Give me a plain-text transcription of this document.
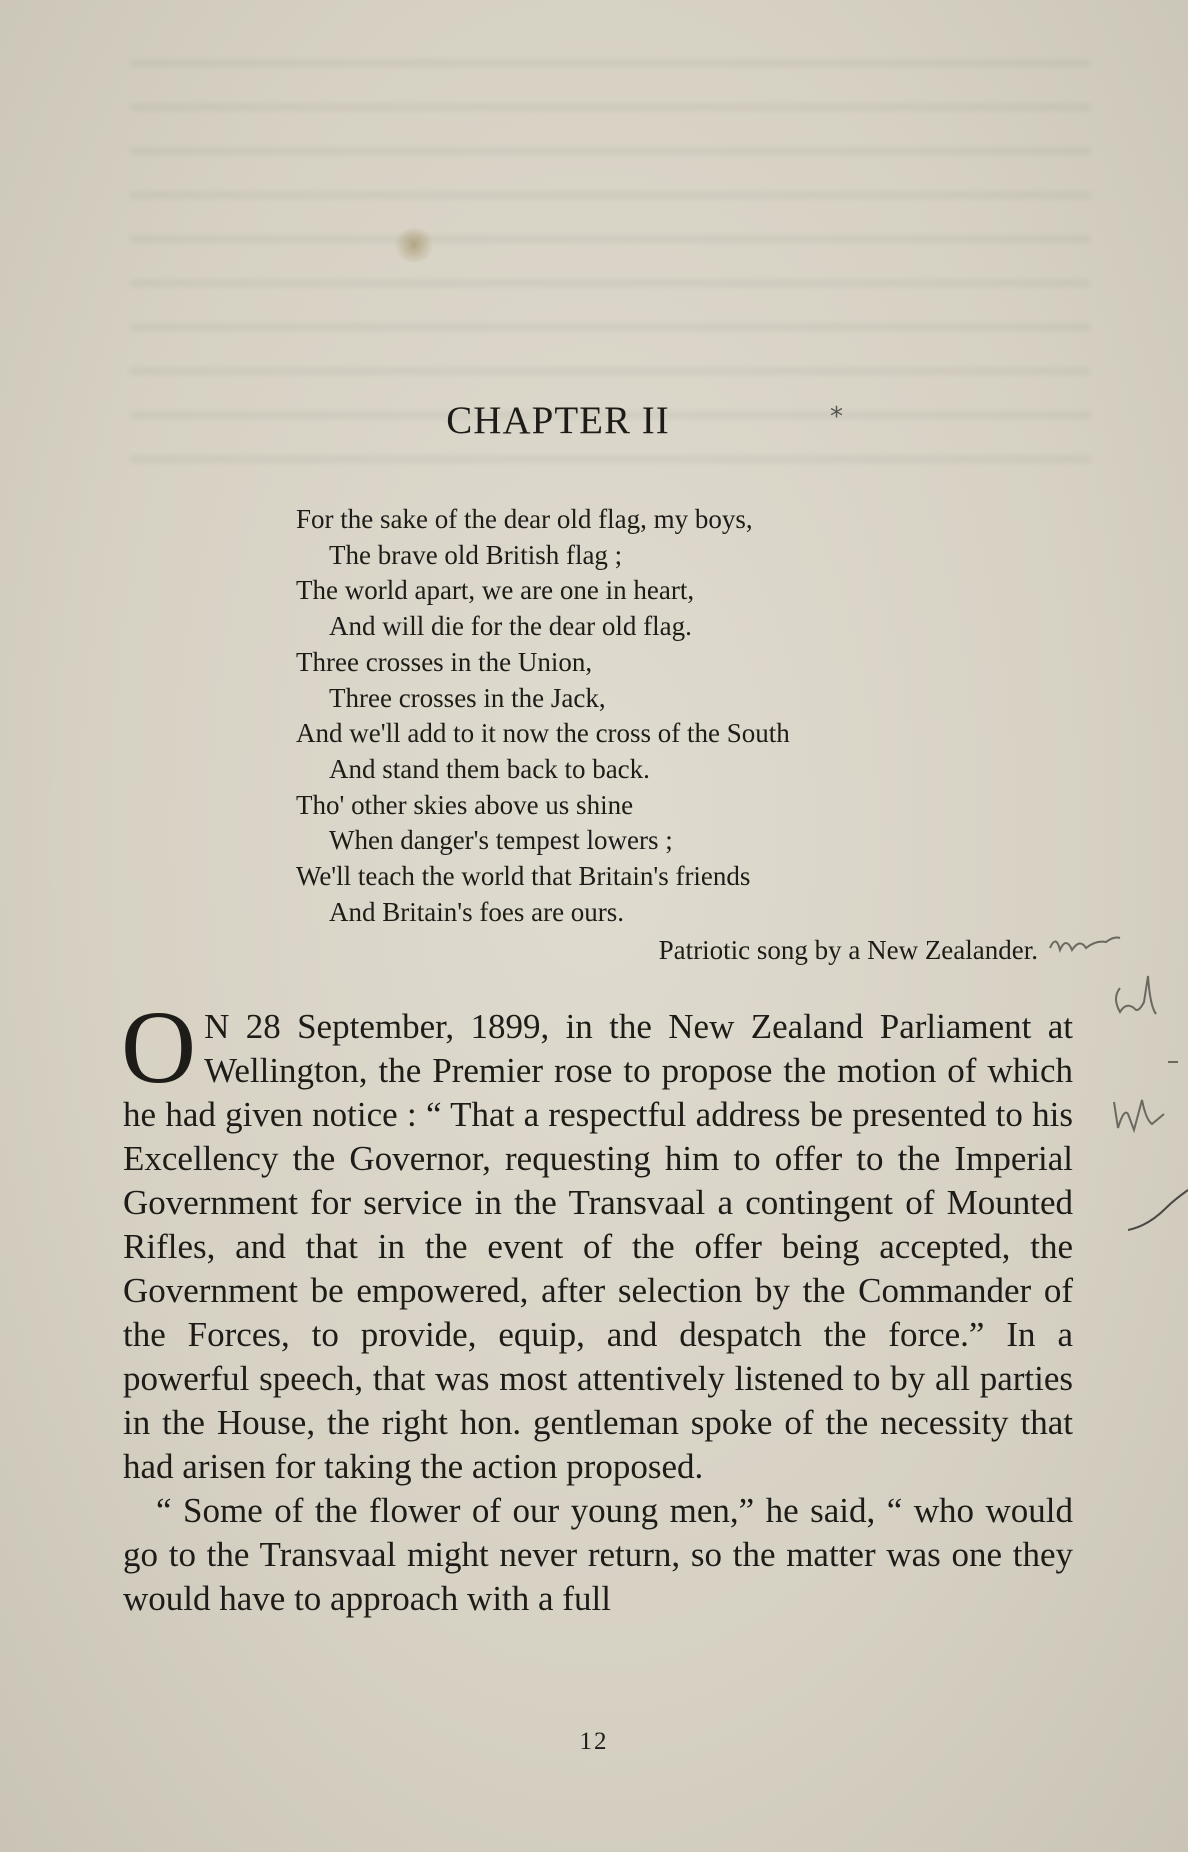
*
CHAPTER II
For the sake of the dear old flag, my boys,
The brave old British flag ;
The world apart, we are one in heart,
And will die for the dear old flag.
Three crosses in the Union,
Three crosses in the Jack,
And we'll add to it now the cross of the South
And stand them back to back.
Tho' other skies above us shine
When danger's tempest lowers ;
We'll teach the world that Britain's friends
And Britain's foes are ours.
Patriotic song by a New Zealander.

O N 28 September, 1899, in the New Zealand Parliament at Wellington, the Premier rose to propose the motion of which he had given notice : “ That a respectful address be presented to his Excellency the Governor, requesting him to offer to the Imperial Government for service in the Transvaal a contingent of Mounted Rifles, and that in the event of the offer being accepted, the Government be empowered, after selection by the Commander of the Forces, to provide, equip, and despatch the force.” In a powerful speech, that was most attentively listened to by all parties in the House, the right hon. gentleman spoke of the necessity that had arisen for taking the action proposed.

“ Some of the flower of our young men,” he said, “ who would go to the Transvaal might never return, so the matter was one they would have to approach with a full

12
